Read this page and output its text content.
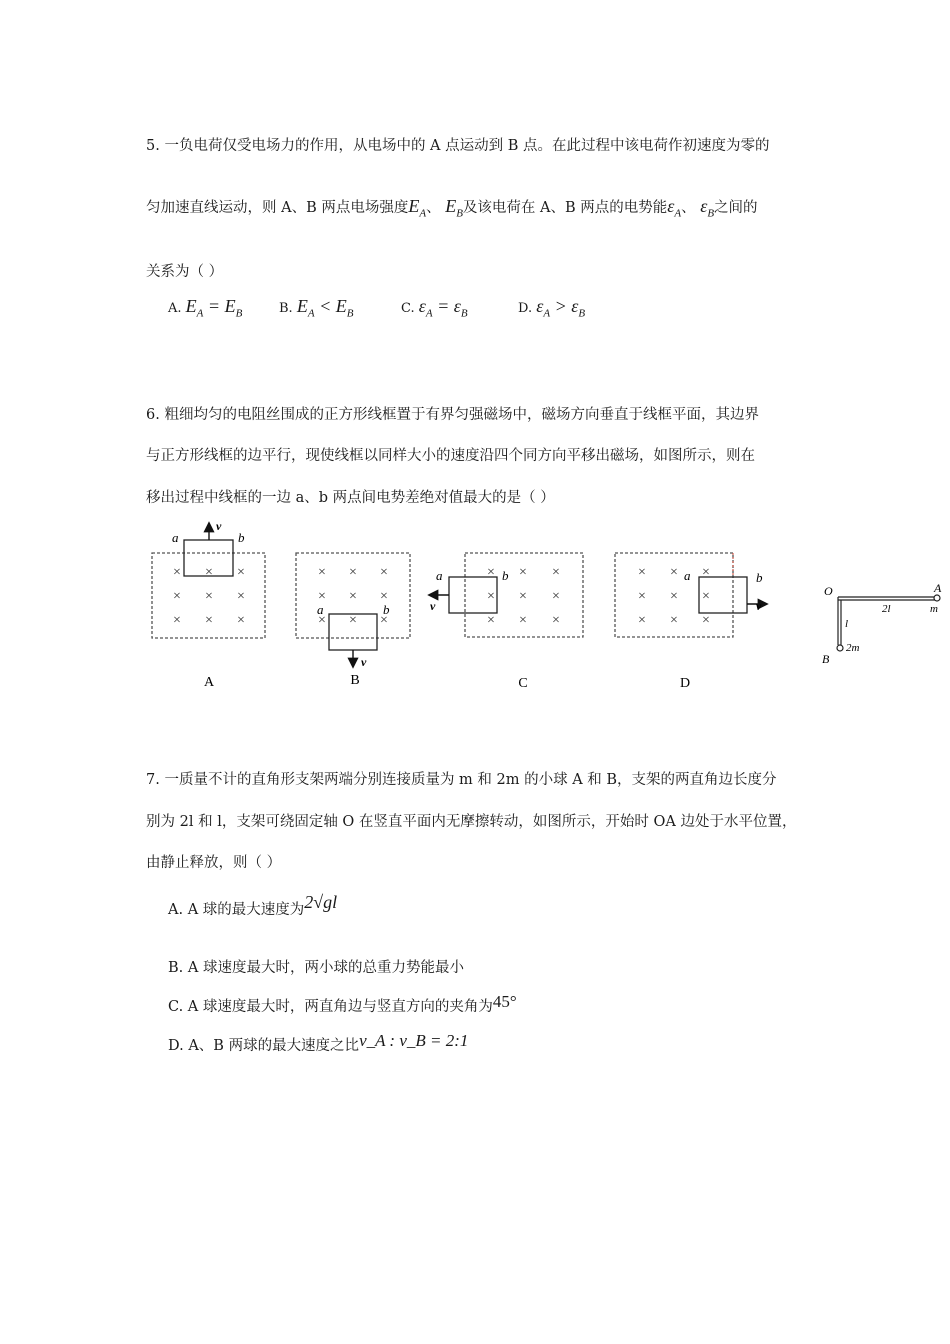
5. 一负电荷仅受电场力的作用，从电场中的 A 点运动到 B 点。在此过程中该电荷作初速度为零的
匀加速直线运动，则 A、B 两点电场强度$E_A$、 $E_B$及该电荷在 A、B 两点的电势能$\varepsilon_A$、 $\varepsilon_B$之间的
关系为（ ）
A. $E_A = E_B$	B. $E_A < E_B$	C. $\varepsilon_A = \varepsilon_B$	D. $\varepsilon_A > \varepsilon_B$
6. 粗细均匀的电阻丝围成的正方形线框置于有界匀强磁场中，磁场方向垂直于线框平面，其边界
与正方形线框的边平行，现使线框以同样大小的速度沿四个同方向平移出磁场，如图所示，则在
移出过程中线框的一边 a、b 两点间电势差绝对值最大的是（ ）
× × ×
× × ×
× × ×
v
a	b
× × ×
× × ×
× × ×
v
a	b
× × ×
× × ×
× × ×
v
a	b	× × ×
× × ×
× × ×
v
a	b
A	B	C	D
O	A
m
2l
l
2m
B
7. 一质量不计的直角形支架两端分别连接质量为 m 和 2m 的小球 A 和 B，支架的两直角边长度分
别为 2l 和 l，支架可绕固定轴 O 在竖直平面内无摩擦转动，如图所示，开始时 OA 边处于水平位置，
由静止释放，则（ ）
A. A 球的最大速度为2√gl
B. A 球速度最大时，两小球的总重力势能最小
C. A 球速度最大时，两直角边与竖直方向的夹角为45°
D. A、B 两球的最大速度之比v_A : v_B = 2:1
